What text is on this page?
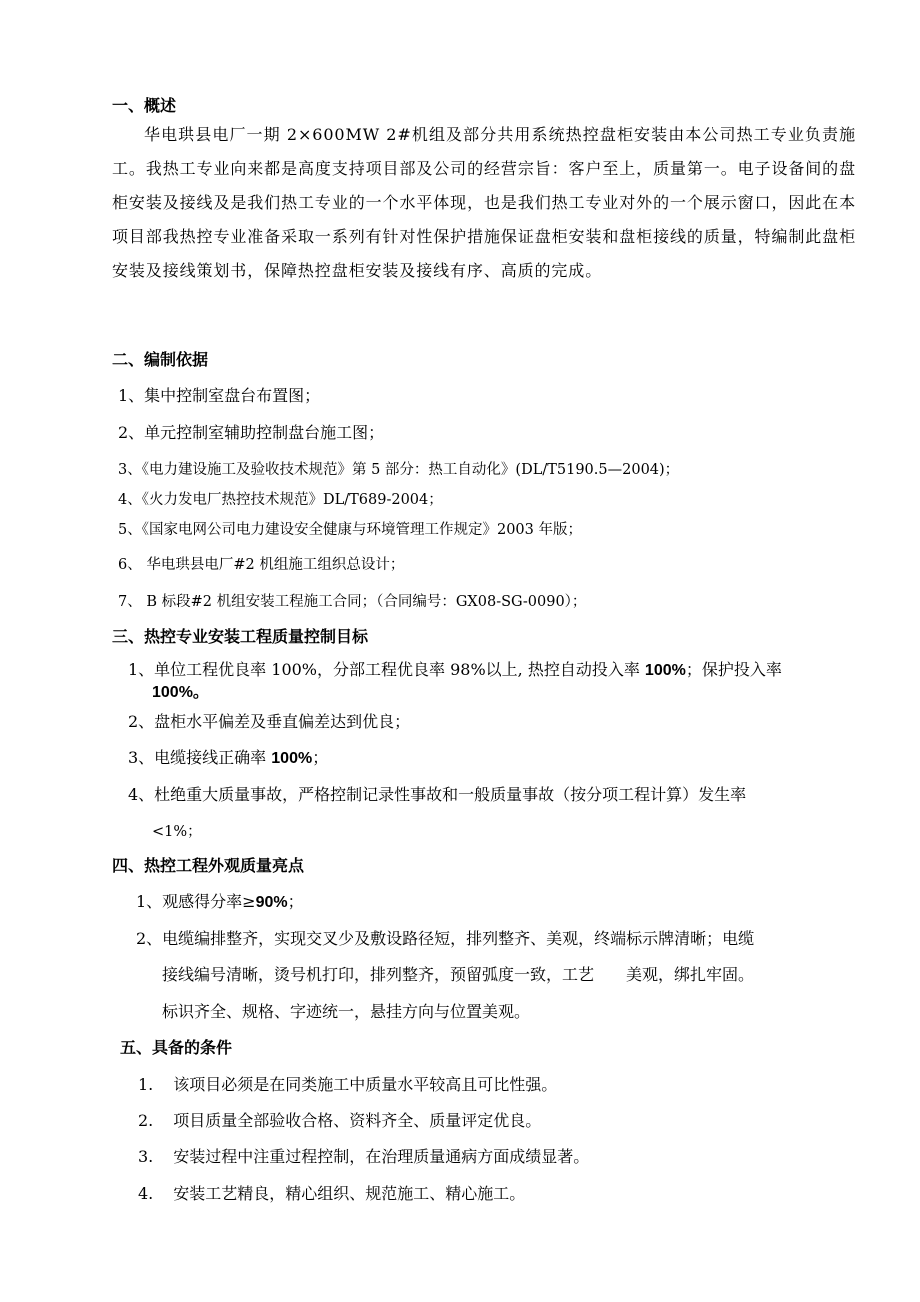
一、概述
华电珙县电厂一期 2×600MW 2#机组及部分共用系统热控盘柜安装由本公司热工专业负责施工。我热工专业向来都是高度支持项目部及公司的经营宗旨：客户至上，质量第一。电子设备间的盘柜安装及接线及是我们热工专业的一个水平体现，也是我们热工专业对外的一个展示窗口，因此在本项目部我热控专业准备采取一系列有针对性保护措施保证盘柜安装和盘柜接线的质量，特编制此盘柜安装及接线策划书，保障热控盘柜安装及接线有序、高质的完成。
二、编制依据
1、集中控制室盘台布置图；
2、单元控制室辅助控制盘台施工图；
3、《电力建设施工及验收技术规范》第 5 部分：热工自动化》(DL/T5190.5—2004)；
4、《火力发电厂热控技术规范》DL/T689-2004；
5、《国家电网公司电力建设安全健康与环境管理工作规定》2003 年版；
6、 华电珙县电厂#2 机组施工组织总设计；
7、 B 标段#2 机组安装工程施工合同；（合同编号：GX08-SG-0090）；
三、热控专业安装工程质量控制目标
1、单位工程优良率 100%，分部工程优良率 98%以上, 热控自动投入率 100%；保护投入率
100%。
2、盘柜水平偏差及垂直偏差达到优良；
3、电缆接线正确率 100%；
4、杜绝重大质量事故，严格控制记录性事故和一般质量事故（按分项工程计算）发生率
<1%；
四、热控工程外观质量亮点
1、观感得分率≥90%；
2、电缆编排整齐，实现交叉少及敷设路径短，排列整齐、美观，终端标示牌清晰；电缆
接线编号清晰，烫号机打印，排列整齐，预留弧度一致，工艺　　美观，绑扎牢固。
标识齐全、规格、字迹统一，悬挂方向与位置美观。
五、具备的条件
1. 该项目必须是在同类施工中质量水平较高且可比性强。
2. 项目质量全部验收合格、资料齐全、质量评定优良。
3. 安装过程中注重过程控制，在治理质量通病方面成绩显著。
4. 安装工艺精良，精心组织、规范施工、精心施工。
